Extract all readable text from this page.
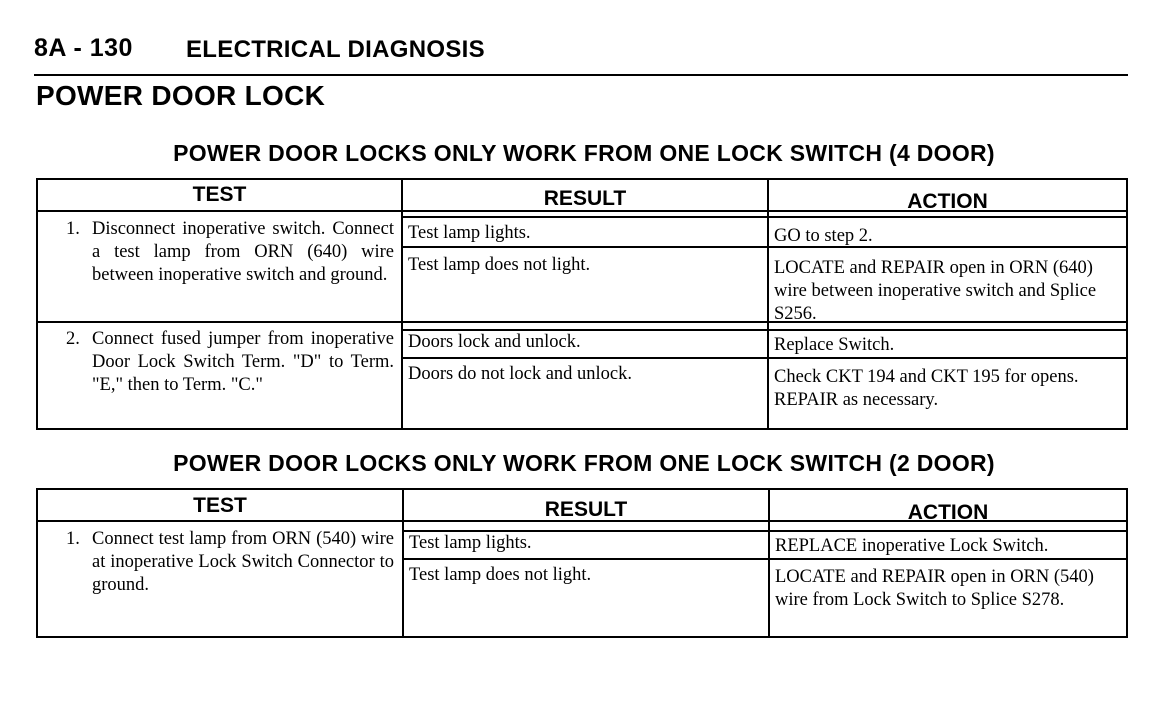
8A - 130 ELECTRICAL DIAGNOSIS
POWER DOOR LOCK
POWER DOOR LOCKS ONLY WORK FROM ONE LOCK SWITCH (4 DOOR)
TEST	RESULT	ACTION
1. Disconnect inoperative switch. Connect a test lamp from ORN (640) wire between inoperative switch and ground.
Test lamp lights.	GO to step 2.
Test lamp does not light.	LOCATE and REPAIR open in ORN (640) wire between inoperative switch and Splice S256.
2. Connect fused jumper from inoperative Door Lock Switch Term. "D" to Term. "E," then to Term. "C."
Doors lock and unlock.	Replace Switch.
Doors do not lock and unlock.	Check CKT 194 and CKT 195 for opens. REPAIR as necessary.
POWER DOOR LOCKS ONLY WORK FROM ONE LOCK SWITCH (2 DOOR)
TEST	RESULT	ACTION
1. Connect test lamp from ORN (540) wire at inoperative Lock Switch Connector to ground.
Test lamp lights.	REPLACE inoperative Lock Switch.
Test lamp does not light.	LOCATE and REPAIR open in ORN (540) wire from Lock Switch to Splice S278.
